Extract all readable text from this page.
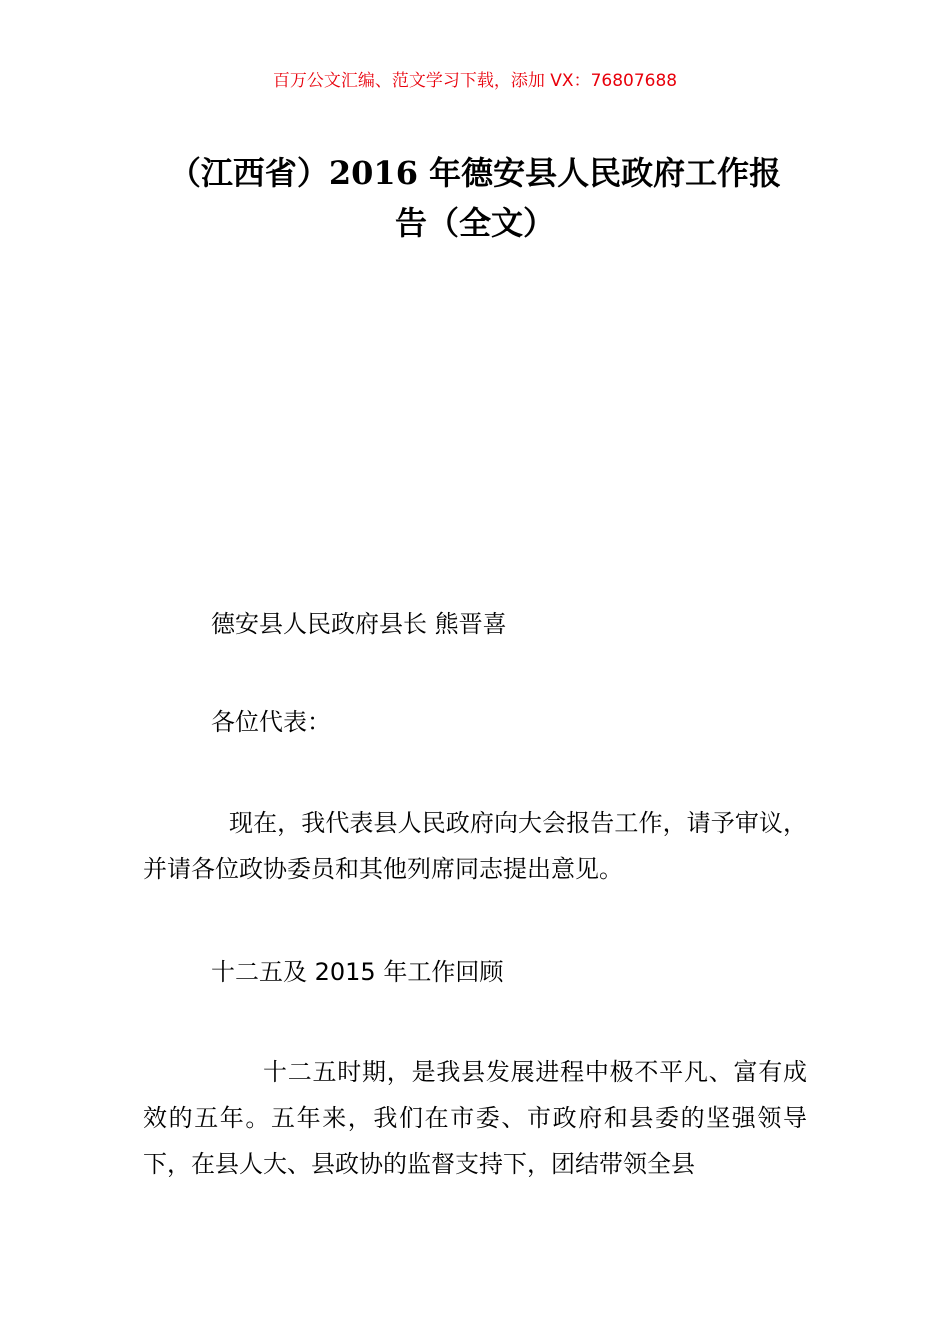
百万公文汇编、范文学习下载，添加 VX：76807688
（江西省）2016 年德安县人民政府工作报
告（全文）

德安县人民政府县长 熊晋喜

各位代表：

现在，我代表县人民政府向大会报告工作，请予审议，并请各位政协委员和其他列席同志提出意见。

十二五及 2015 年工作回顾

十二五时期，是我县发展进程中极不平凡、富有成效的五年。五年来，我们在市委、市政府和县委的坚强领导下，在县人大、县政协的监督支持下，团结带领全县
